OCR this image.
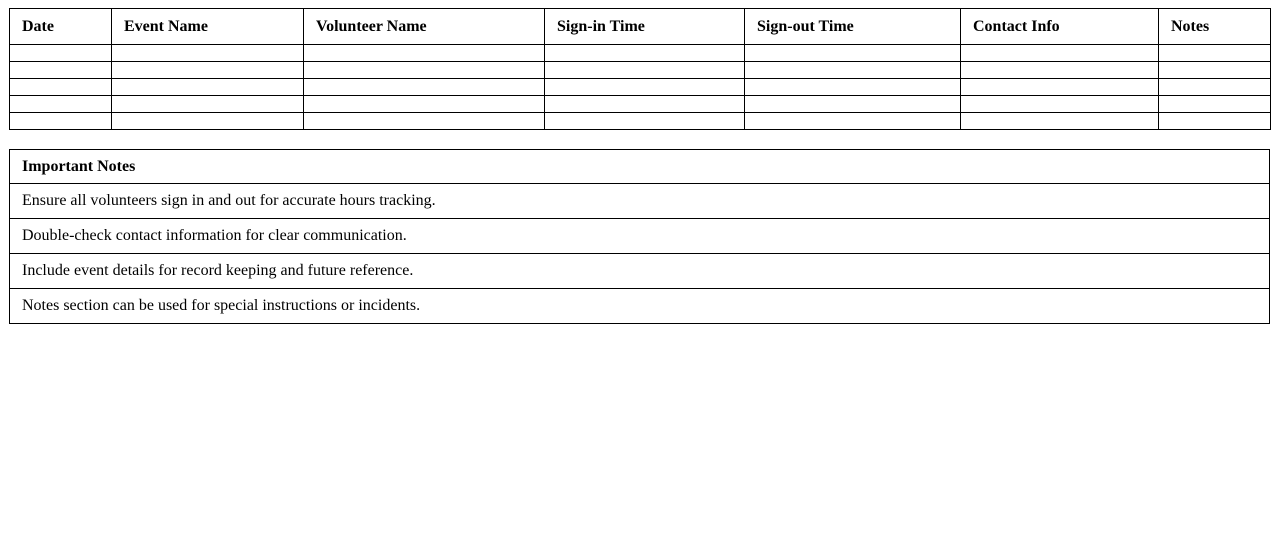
Date	Event Name	Volunteer Name	Sign-in Time	Sign-out Time	Contact Info	Notes

Important Notes
Ensure all volunteers sign in and out for accurate hours tracking.
Double-check contact information for clear communication.
Include event details for record keeping and future reference.
Notes section can be used for special instructions or incidents.
